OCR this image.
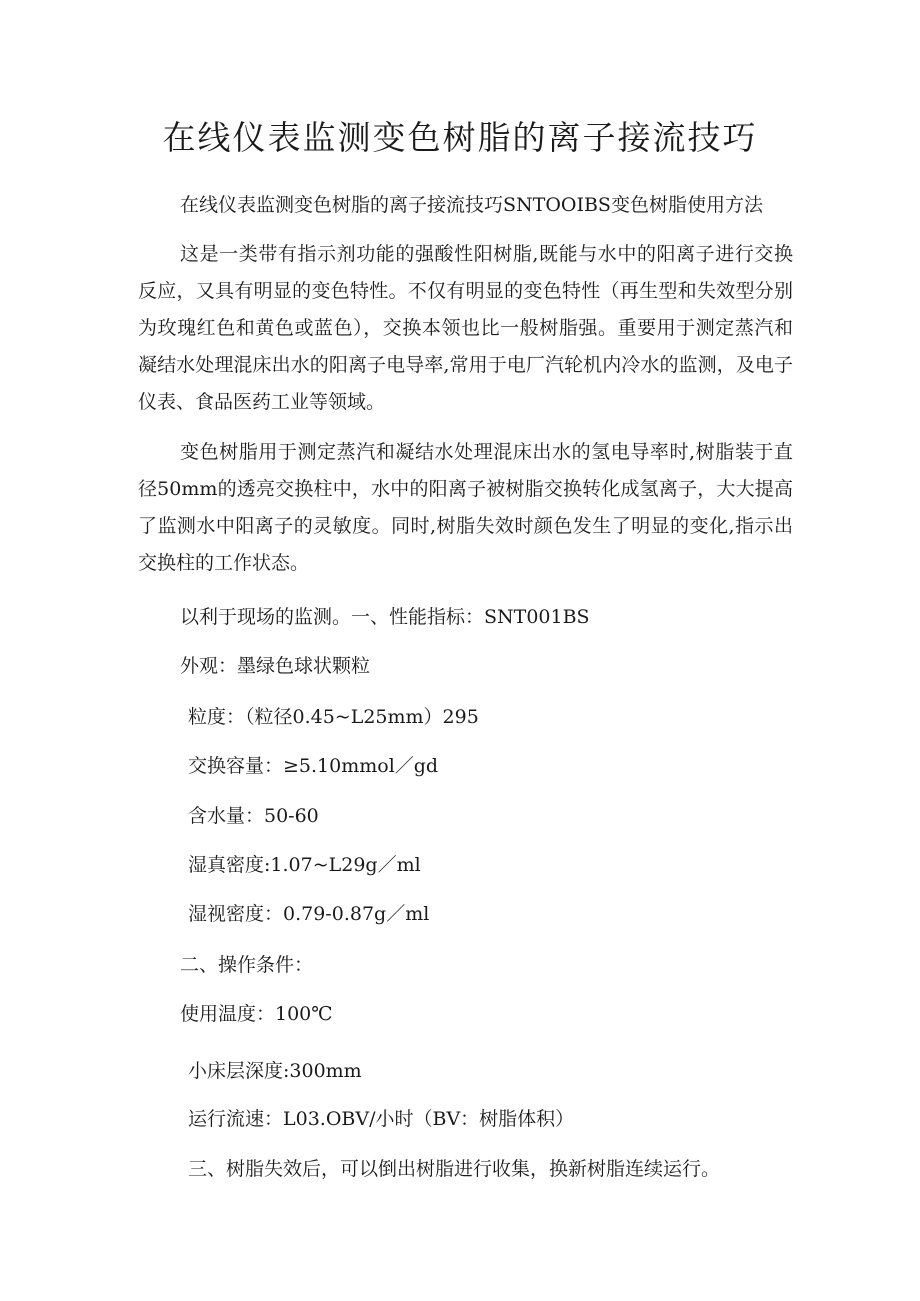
在线仪表监测变色树脂的离子接流技巧

在线仪表监测变色树脂的离子接流技巧SNTOOIBS变色树脂使用方法

这是一类带有指示剂功能的强酸性阳树脂,既能与水中的阳离子进行交换反应，又具有明显的变色特性。不仅有明显的变色特性（再生型和失效型分别为玫瑰红色和黄色或蓝色），交换本领也比一般树脂强。重要用于测定蒸汽和凝结水处理混床出水的阳离子电导率,常用于电厂汽轮机内冷水的监测，及电子仪表、食品医药工业等领域。

变色树脂用于测定蒸汽和凝结水处理混床出水的氢电导率时,树脂装于直径50mm的透亮交换柱中，水中的阳离子被树脂交换转化成氢离子，大大提高了监测水中阳离子的灵敏度。同时,树脂失效时颜色发生了明显的变化,指示出交换柱的工作状态。

以利于现场的监测。一、性能指标：SNT001BS

外观：墨绿色球状颗粒

粒度：（粒径0.45~L25mm）295

交换容量：≥5.10mmol／gd

含水量：50-60

湿真密度:1.07~L29g／ml

湿视密度：0.79-0.87g／ml

二、操作条件：

使用温度：100℃

小床层深度:300mm

运行流速：L03.OBV/小时（BV：树脂体积）

三、树脂失效后，可以倒出树脂进行收集，换新树脂连续运行。
